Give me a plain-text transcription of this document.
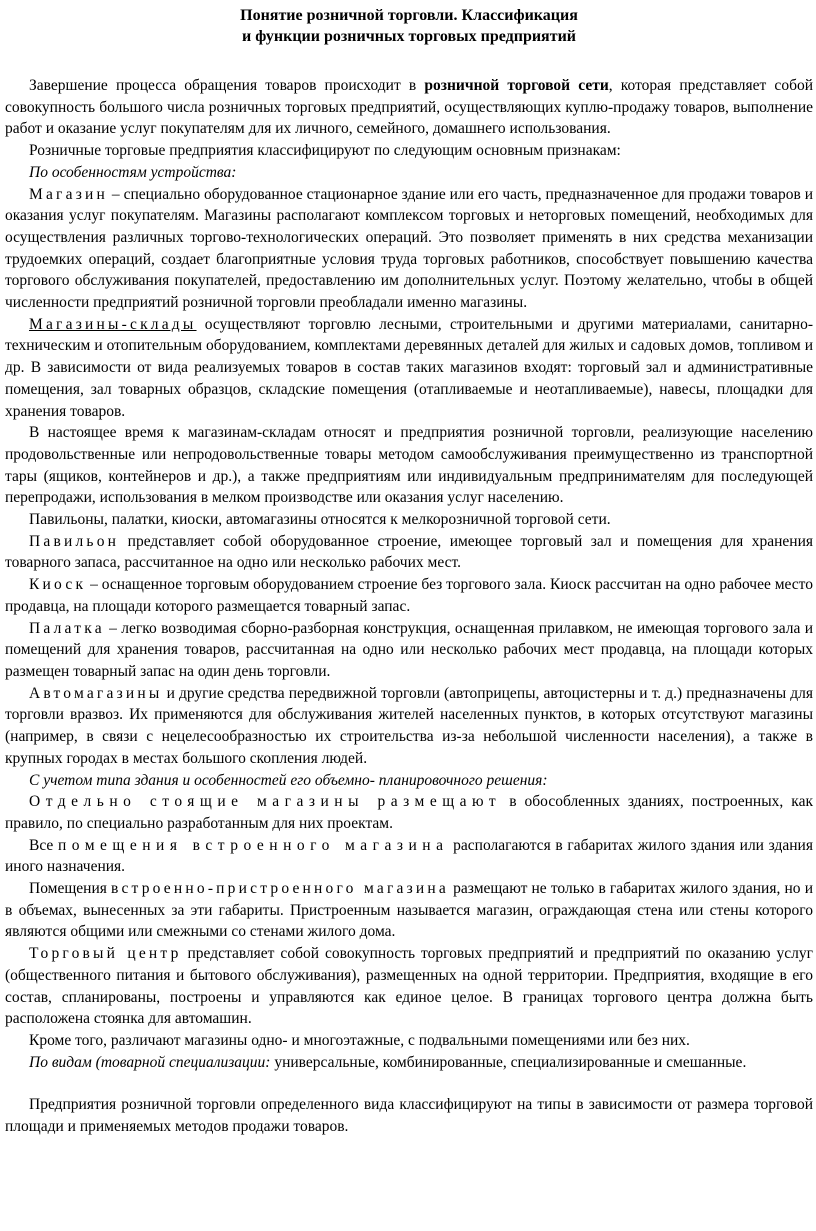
Понятие розничной торговли. Классификация
и функции розничных торговых предприятий

Завершение процесса обращения товаров происходит в розничной торговой сети, которая представляет собой совокупность большого числа розничных торговых предприятий, осуществляющих куплю-продажу товаров, выполнение работ и оказание услуг покупателям для их личного, семейного, домашнего использования.

Розничные торговые предприятия классифицируют по следующим основным признакам:

По особенностям устройства:

Магазин – специально оборудованное стационарное здание или его часть, предназначенное для продажи товаров и оказания услуг покупателям. Магазины располагают комплексом торговых и неторговых помещений, необходимых для осуществления различных торгово-технологических операций. Это позволяет применять в них средства механизации трудоемких операций, создает благоприятные условия труда торговых работников, способствует повышению качества торгового обслуживания покупателей, предоставлению им дополнительных услуг. Поэтому желательно, чтобы в общей численности предприятий розничной торговли преобладали именно магазины.

Магазины-склады осуществляют торговлю лесными, строительными и другими материалами, санитарно-техническим и отопительным оборудованием, комплектами деревянных деталей для жилых и садовых домов, топливом и др. В зависимости от вида реализуемых товаров в состав таких магазинов входят: торговый зал и административные помещения, зал товарных образцов, складские помещения (отапливаемые и неотапливаемые), навесы, площадки для хранения товаров.

В настоящее время к магазинам-складам относят и предприятия розничной торговли, реализующие населению продовольственные или непродовольственные товары методом самообслуживания преимущественно из транспортной тары (ящиков, контейнеров и др.), а также предприятиям или индивидуальным предпринимателям для последующей перепродажи, использования в мелком производстве или оказания услуг населению.

Павильоны, палатки, киоски, автомагазины относятся к мелкорозничной торговой сети.

Павильон представляет собой оборудованное строение, имеющее торговый зал и помещения для хранения товарного запаса, рассчитанное на одно или несколько рабочих мест.

Киоск – оснащенное торговым оборудованием строение без торгового зала. Киоск рассчитан на одно рабочее место продавца, на площади которого размещается товарный запас.

Палатка – легко возводимая сборно-разборная конструкция, оснащенная прилавком, не имеющая торгового зала и помещений для хранения товаров, рассчитанная на одно или несколько рабочих мест продавца, на площади которых размещен товарный запас на один день торговли.

Автомагазины и другие средства передвижной торговли (автоприцепы, автоцистерны и т. д.) предназначены для торговли вразвоз. Их применяются для обслуживания жителей населенных пунктов, в которых отсутствуют магазины (например, в связи с нецелесообразностью их строительства из-за небольшой численности населения), а также в крупных городах в местах большого скопления людей.

С учетом типа здания и особенностей его объемно- планировочного решения:

Отдельно стоящие магазины размещают в обособленных зданиях, построенных, как правило, по специально разработанным для них проектам.

Все помещения встроенного магазина располагаются в габаритах жилого здания или здания иного назначения.

Помещения встроенно-пристроенного магазина размещают не только в габаритах жилого здания, но и в объемах, вынесенных за эти габариты. Пристроенным называется магазин, ограждающая стена или стены которого являются общими или смежными со стенами жилого дома.

Торговый центр представляет собой совокупность торговых предприятий и предприятий по оказанию услуг (общественного питания и бытового обслуживания), размещенных на одной территории. Предприятия, входящие в его состав, спланированы, построены и управляются как единое целое. В границах торгового центра должна быть расположена стоянка для автомашин.

Кроме того, различают магазины одно- и многоэтажные, с подвальными помещениями или без них.

По видам (товарной специализации: универсальные, комбинированные, специализированные и смешанные.

Предприятия розничной торговли определенного вида классифицируют на типы в зависимости от размера торговой площади и применяемых методов продажи товаров.
